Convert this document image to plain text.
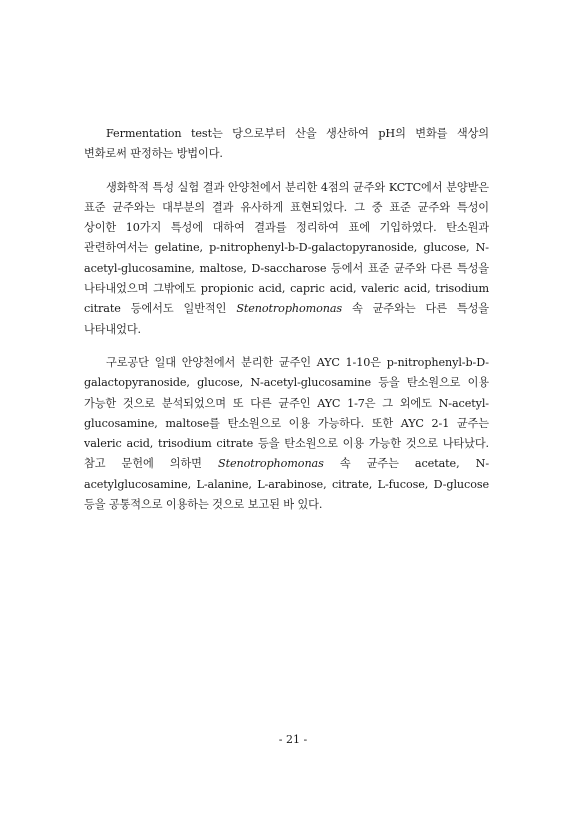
Fermentation test는 당으로부터 산을 생산하여 pH의 변화를 색상의 변화로써 판정하는 방법이다.

생화학적 특성 실험 결과 안양천에서 분리한 4점의 균주와 KCTC에서 분양받은 표준 균주와는 대부분의 결과 유사하게 표현되었다. 그 중 표준 균주와 특성이 상이한 10가지 특성에 대하여 결과를 정리하여 표에 기입하였다. 탄소원과 관련하여서는 gelatine, p-nitrophenyl-b-D-galactopyranoside, glucose, N-acetyl-glucosamine, maltose, D-saccharose 등에서 표준 균주와 다른 특성을 나타내었으며 그밖에도 propionic acid, capric acid, valeric acid, trisodium citrate 등에서도 일반적인 Stenotrophomonas 속 균주와는 다른 특성을 나타내었다.

구로공단 일대 안양천에서 분리한 균주인 AYC 1-10은 p-nitrophenyl-b-D-galactopyranoside, glucose, N-acetyl-glucosamine 등을 탄소원으로 이용 가능한 것으로 분석되었으며 또 다른 균주인 AYC 1-7은 그 외에도 N-acetyl-glucosamine, maltose를 탄소원으로 이용 가능하다. 또한 AYC 2-1 균주는 valeric acid, trisodium citrate 등을 탄소원으로 이용 가능한 것으로 나타났다. 참고 문헌에 의하면 Stenotrophomonas 속 균주는 acetate, N-acetylglucosamine, L-alanine, L-arabinose, citrate, L-fucose, D-glucose 등을 공통적으로 이용하는 것으로 보고된 바 있다.

- 21 -
